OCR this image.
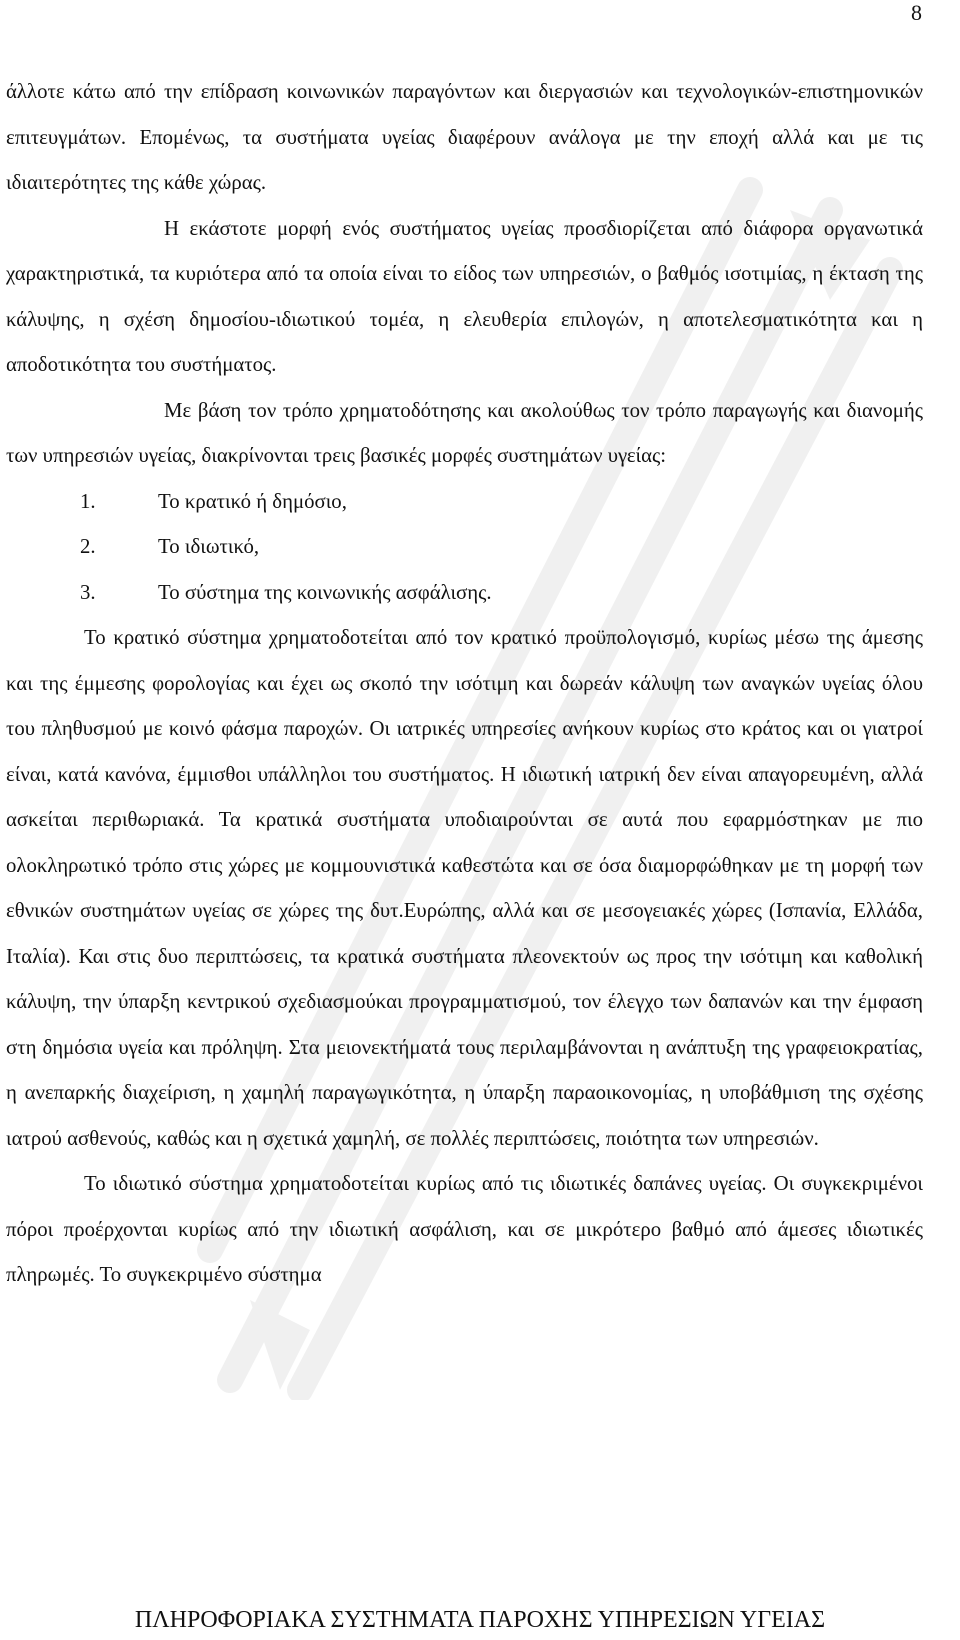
8

άλλοτε κάτω από την επίδραση κοινωνικών παραγόντων και διεργασιών και τεχνολογικών-επιστημονικών επιτευγμάτων. Επομένως, τα συστήματα υγείας διαφέρουν ανάλογα με την εποχή αλλά και με τις ιδιαιτερότητες της κάθε χώρας.

Η εκάστοτε μορφή ενός συστήματος υγείας προσδιορίζεται από διάφορα οργανωτικά χαρακτηριστικά, τα κυριότερα από τα οποία είναι το είδος των υπηρεσιών, ο βαθμός ισοτιμίας, η έκταση της κάλυψης, η σχέση δημοσίου-ιδιωτικού τομέα, η ελευθερία επιλογών, η αποτελεσματικότητα και η αποδοτικότητα του συστήματος.

Με βάση τον τρόπο χρηματοδότησης και ακολούθως τον τρόπο παραγωγής και διανομής των υπηρεσιών υγείας, διακρίνονται τρεις βασικές μορφές συστημάτων υγείας:

1.	Το κρατικό ή δημόσιο,
2.	Το ιδιωτικό,
3.	Το σύστημα της κοινωνικής ασφάλισης.

Το κρατικό σύστημα χρηματοδοτείται από τον κρατικό προϋπολογισμό, κυρίως μέσω της άμεσης και της έμμεσης φορολογίας και έχει ως σκοπό την ισότιμη και δωρεάν κάλυψη των αναγκών υγείας όλου του πληθυσμού με κοινό φάσμα παροχών. Οι ιατρικές υπηρεσίες ανήκουν κυρίως στο κράτος και οι γιατροί είναι, κατά κανόνα, έμμισθοι υπάλληλοι του συστήματος. Η ιδιωτική ιατρική δεν είναι απαγορευμένη, αλλά ασκείται περιθωριακά. Τα κρατικά συστήματα υποδιαιρούνται σε αυτά που εφαρμόστηκαν με πιο ολοκληρωτικό τρόπο στις χώρες με κομμουνιστικά καθεστώτα και σε όσα διαμορφώθηκαν με τη μορφή των εθνικών συστημάτων υγείας σε χώρες της δυτ.Ευρώπης, αλλά και σε μεσογειακές χώρες (Ισπανία, Ελλάδα, Ιταλία). Και στις δυο περιπτώσεις, τα κρατικά συστήματα πλεονεκτούν ως προς την ισότιμη και καθολική κάλυψη, την ύπαρξη κεντρικού σχεδιασμούκαι προγραμματισμού, τον έλεγχο των δαπανών και την έμφαση στη δημόσια υγεία και πρόληψη. Στα μειονεκτήματά τους περιλαμβάνονται η ανάπτυξη της γραφειοκρατίας, η ανεπαρκής διαχείριση, η χαμηλή παραγωγικότητα, η ύπαρξη παραοικονομίας, η υποβάθμιση της σχέσης ιατρού ασθενούς, καθώς και η σχετικά χαμηλή, σε πολλές περιπτώσεις, ποιότητα των υπηρεσιών.

Το ιδιωτικό σύστημα χρηματοδοτείται κυρίως από τις ιδιωτικές δαπάνες υγείας. Οι συγκεκριμένοι πόροι προέρχονται κυρίως από την ιδιωτική ασφάλιση, και σε μικρότερο βαθμό από άμεσες ιδιωτικές πληρωμές. Το συγκεκριμένο σύστημα

ΠΛΗΡΟΦΟΡΙΑΚΑ ΣΥΣΤΗΜΑΤΑ ΠΑΡΟΧΗΣ ΥΠΗΡΕΣΙΩΝ ΥΓΕΙΑΣ
